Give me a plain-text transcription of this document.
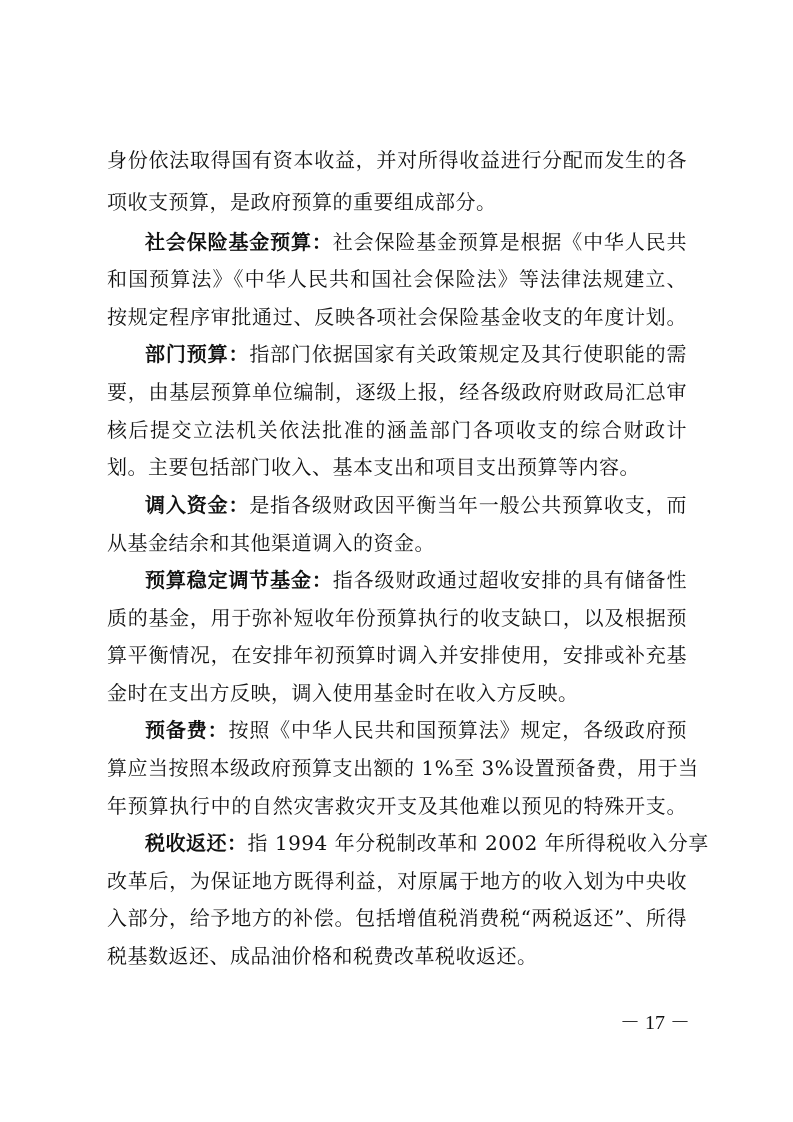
身份依法取得国有资本收益，并对所得收益进行分配而发生的各
项收支预算，是政府预算的重要组成部分。
社会保险基金预算：社会保险基金预算是根据《中华人民共
和国预算法》《中华人民共和国社会保险法》等法律法规建立、
按规定程序审批通过、反映各项社会保险基金收支的年度计划。
部门预算：指部门依据国家有关政策规定及其行使职能的需
要，由基层预算单位编制，逐级上报，经各级政府财政局汇总审
核后提交立法机关依法批准的涵盖部门各项收支的综合财政计
划。主要包括部门收入、基本支出和项目支出预算等内容。
调入资金：是指各级财政因平衡当年一般公共预算收支，而
从基金结余和其他渠道调入的资金。
预算稳定调节基金：指各级财政通过超收安排的具有储备性
质的基金，用于弥补短收年份预算执行的收支缺口，以及根据预
算平衡情况，在安排年初预算时调入并安排使用，安排或补充基
金时在支出方反映，调入使用基金时在收入方反映。
预备费：按照《中华人民共和国预算法》规定，各级政府预
算应当按照本级政府预算支出额的 1%至 3%设置预备费，用于当
年预算执行中的自然灾害救灾开支及其他难以预见的特殊开支。
税收返还：指 1994 年分税制改革和 2002 年所得税收入分享
改革后，为保证地方既得利益，对原属于地方的收入划为中央收
入部分，给予地方的补偿。包括增值税消费税“两税返还”、所得
税基数返还、成品油价格和税费改革税收返还。
－ 17 －
